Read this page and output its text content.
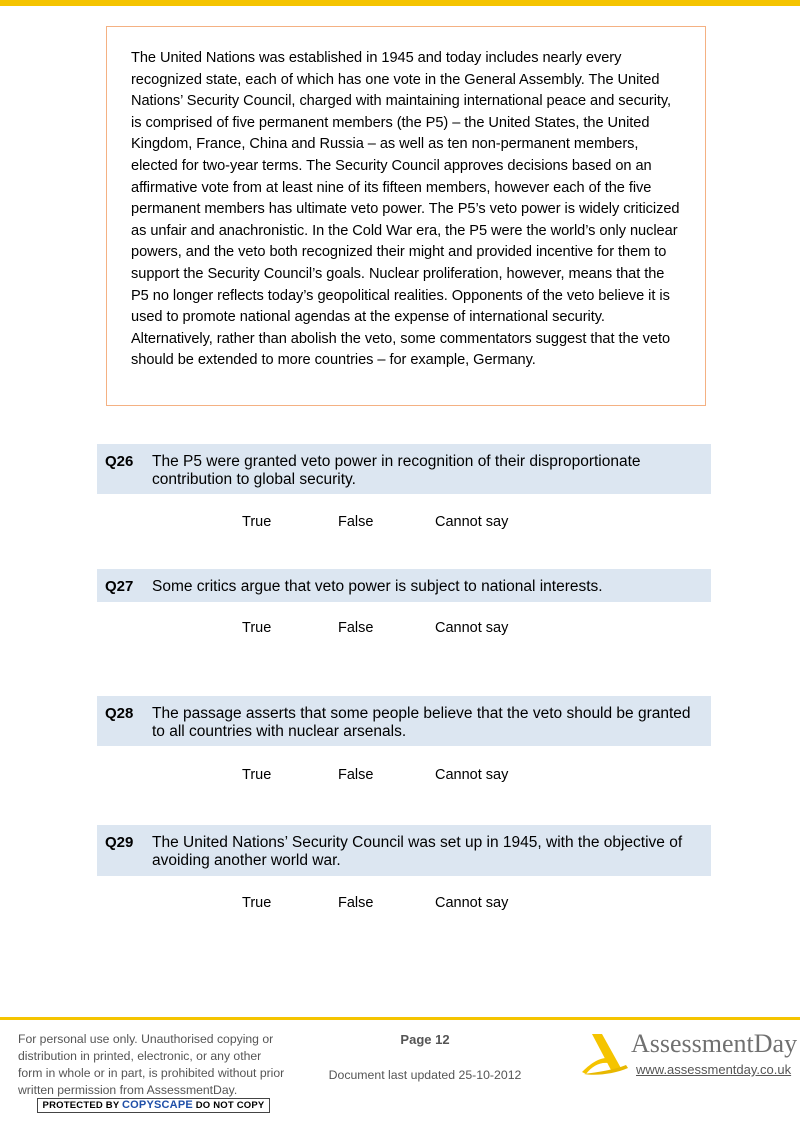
The United Nations was established in 1945 and today includes nearly every recognized state, each of which has one vote in the General Assembly. The United Nations’ Security Council, charged with maintaining international peace and security, is comprised of five permanent members (the P5) – the United States, the United Kingdom, France, China and Russia – as well as ten non-permanent members, elected for two-year terms. The Security Council approves decisions based on an affirmative vote from at least nine of its fifteen members, however each of the five permanent members has ultimate veto power. The P5’s veto power is widely criticized as unfair and anachronistic. In the Cold War era, the P5 were the world’s only nuclear powers, and the veto both recognized their might and provided incentive for them to support the Security Council’s goals. Nuclear proliferation, however, means that the P5 no longer reflects today’s geopolitical realities. Opponents of the veto believe it is used to promote national agendas at the expense of international security. Alternatively, rather than abolish the veto, some commentators suggest that the veto should be extended to more countries – for example, Germany.

Q26 The P5 were granted veto power in recognition of their disproportionate contribution to global security.
True	False	Cannot say
Q27 Some critics argue that veto power is subject to national interests.
True	False	Cannot say
Q28 The passage asserts that some people believe that the veto should be granted to all countries with nuclear arsenals.
True	False	Cannot say
Q29 The United Nations’ Security Council was set up in 1945, with the objective of avoiding another world war.
True	False	Cannot say
For personal use only. Unauthorised copying or distribution in printed, electronic, or any other form in whole or in part, is prohibited without prior written permission from AssessmentDay.
PROTECTED BY COPYSCAPE DO NOT COPY
Page 12
Document last updated 25-10-2012
AssessmentDay
www.assessmentday.co.uk
